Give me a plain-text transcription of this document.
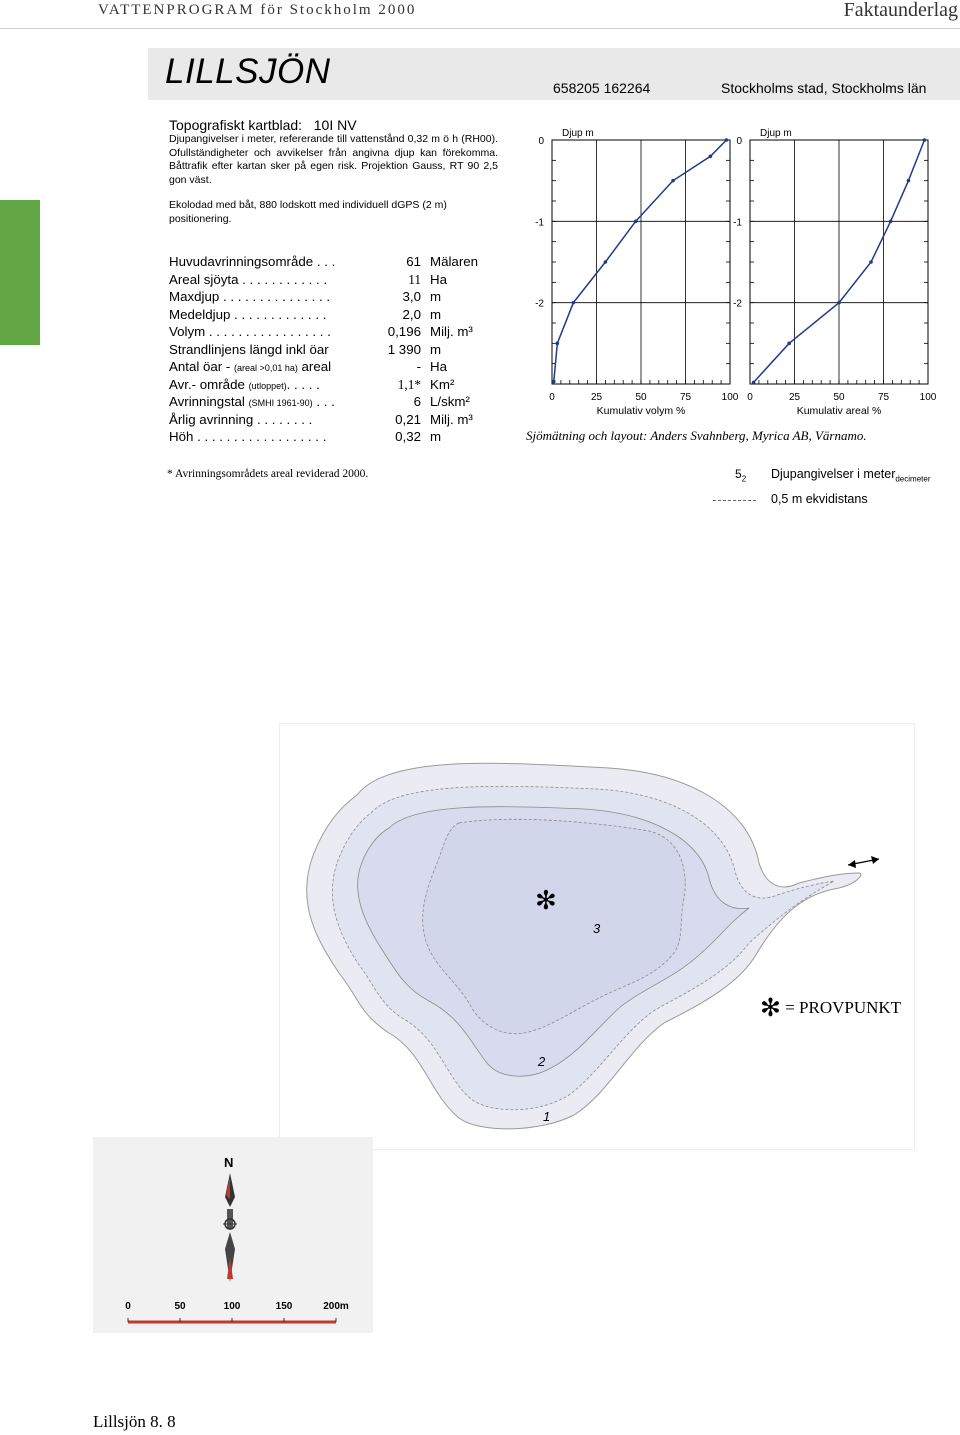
VATTENPROGRAM för Stockholm 2000	Faktaunderlag
LILLSJÖN	658205 162264	Stockholms stad, Stockholms län
Topografiskt kartblad: 10I NV
Djupangivelser i meter, refererande till vattenstånd 0,32 m ö h (RH00). Ofullständigheter och avvikelser från angivna djup kan förekomma. Båttrafik efter kartan sker på egen risk. Projektion Gauss, RT 90 2,5 gon väst.
Ekolodad med båt, 880 lodskott med individuell dGPS (2 m) positionering.
Huvudavrinningsområde . . .	61 Mälaren
Areal sjöyta . . . . . . . . . . . .	11 Ha
Maxdjup . . . . . . . . . . . . . . .	3,0 m
Medeldjup . . . . . . . . . . . . .	2,0 m
Volym . . . . . . . . . . . . . . . . .	0,196 Milj. m³
Strandlinjens längd inkl öar	1 390 m
Antal öar - (areal >0,01 ha) areal	- Ha
Avr.- område (utloppet). . . . .	1,1* Km²
Avrinningstal (SMHI 1961-90) . . .	6 L/skm²
Årlig avrinning . . . . . . . .	0,21 Milj. m³
Höh . . . . . . . . . . . . . . . . . .	0,32 m
* Avrinningsområdets areal reviderad 2000.
Sjömätning och layout: Anders Svahnberg, Myrica AB, Värnamo.
Djup m
0
-1
-2
0	25	50	75	100
Kumulativ volym %
Djup m
0
-1
-2
0	25	50	75	100
Kumulativ areal %
$5_2$ Djupangivelser i meter$_{decimeter}$
0,5 m ekvidistans
3
2
1
✻
✻ = PROVPUNKT
N
0	50	100	150	200m
Lillsjön 8. 8
